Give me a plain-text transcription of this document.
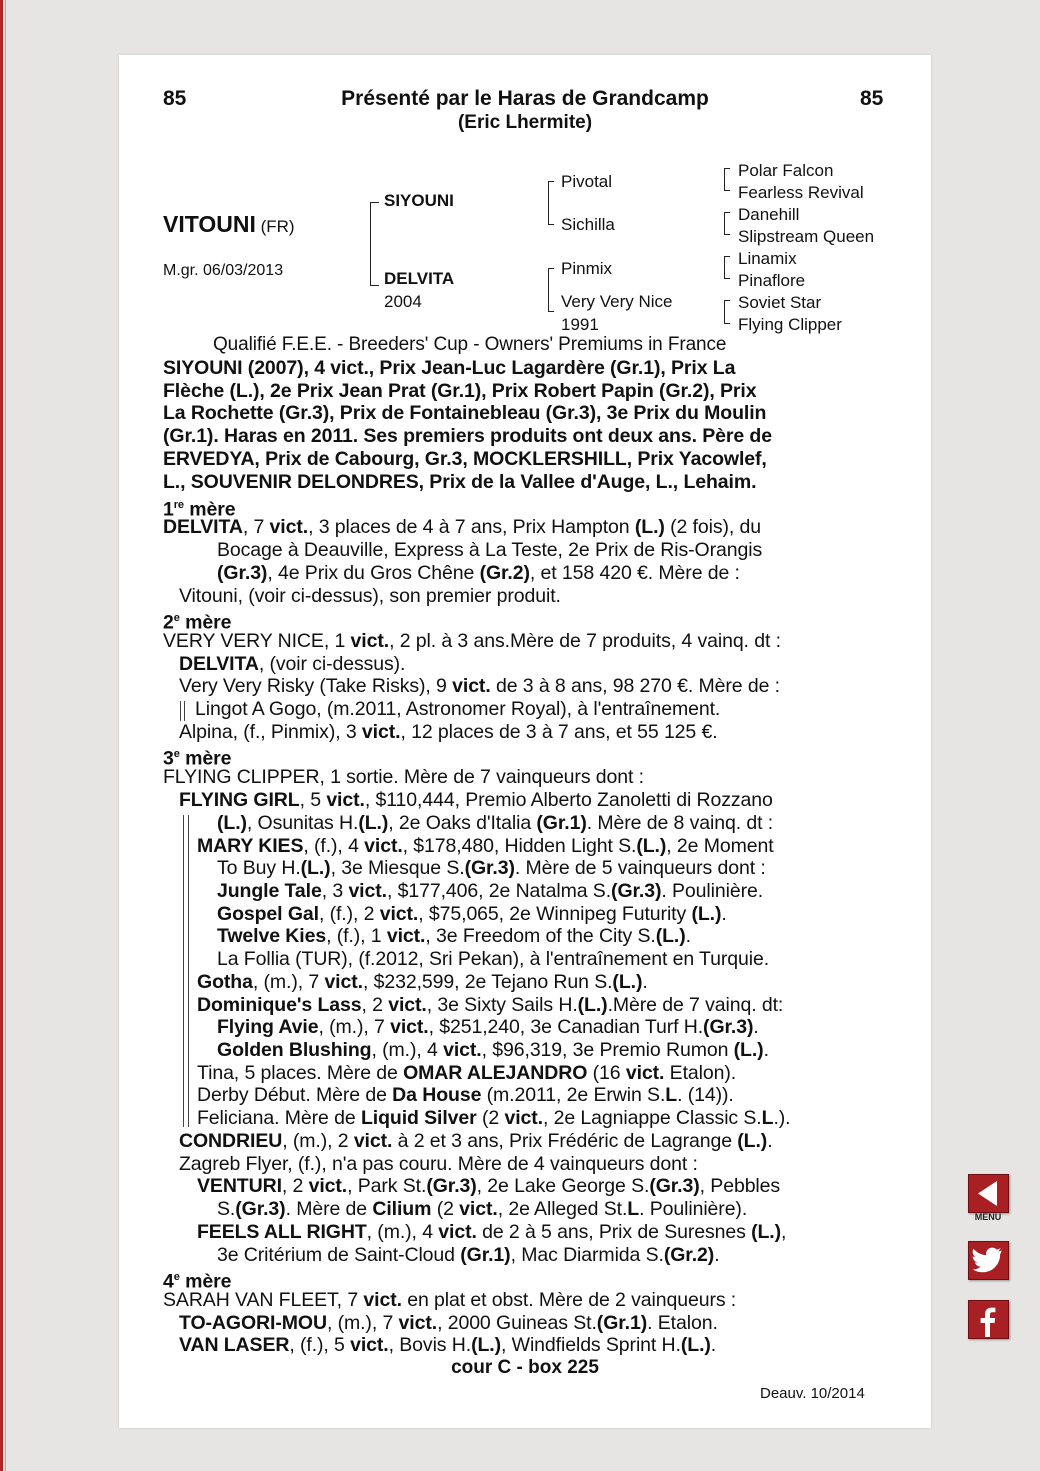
85	Présenté par le Haras de Grandcamp
(Eric Lhermite)
85
VITOUNI (FR)
M.gr. 06/03/2013
SIYOUNI
DELVITA
2004
Pivotal
Sichilla
Pinmix
Very Very Nice
1991
Polar Falcon
Fearless Revival
Danehill
Slipstream Queen
Linamix
Pinaflore
Soviet Star
Flying Clipper
Qualifié F.E.E. - Breeders' Cup - Owners' Premiums in France
SIYOUNI (2007), 4 vict., Prix Jean-Luc Lagardère (Gr.1), Prix La
Flèche (L.), 2e Prix Jean Prat (Gr.1), Prix Robert Papin (Gr.2), Prix
La Rochette (Gr.3), Prix de Fontainebleau (Gr.3), 3e Prix du Moulin
(Gr.1). Haras en 2011. Ses premiers produits ont deux ans. Père de
ERVEDYA, Prix de Cabourg, Gr.3, MOCKLERSHILL, Prix Yacowlef,
L., SOUVENIR DELONDRES, Prix de la Vallee d'Auge, L., Lehaim.
1re mère
DELVITA, 7 vict., 3 places de 4 à 7 ans, Prix Hampton (L.) (2 fois), du
Bocage à Deauville, Express à La Teste, 2e Prix de Ris-Orangis
(Gr.3), 4e Prix du Gros Chêne (Gr.2), et 158 420 €. Mère de :
Vitouni, (voir ci-dessus), son premier produit.
2e mère
VERY VERY NICE, 1 vict., 2 pl. à 3 ans.Mère de 7 produits, 4 vainq. dt :
DELVITA, (voir ci-dessus).
Very Very Risky (Take Risks), 9 vict. de 3 à 8 ans, 98 270 €. Mère de :
Lingot A Gogo, (m.2011, Astronomer Royal), à l'entraînement.
Alpina, (f., Pinmix), 3 vict., 12 places de 3 à 7 ans, et 55 125 €.
3e mère
FLYING CLIPPER, 1 sortie. Mère de 7 vainqueurs dont :
FLYING GIRL, 5 vict., $110,444, Premio Alberto Zanoletti di Rozzano
(L.), Osunitas H.(L.), 2e Oaks d'Italia (Gr.1). Mère de 8 vainq. dt :
MARY KIES, (f.), 4 vict., $178,480, Hidden Light S.(L.), 2e Moment
To Buy H.(L.), 3e Miesque S.(Gr.3). Mère de 5 vainqueurs dont :
Jungle Tale, 3 vict., $177,406, 2e Natalma S.(Gr.3). Poulinière.
Gospel Gal, (f.), 2 vict., $75,065, 2e Winnipeg Futurity (L.).
Twelve Kies, (f.), 1 vict., 3e Freedom of the City S.(L.).
La Follia (TUR), (f.2012, Sri Pekan), à l'entraînement en Turquie.
Gotha, (m.), 7 vict., $232,599, 2e Tejano Run S.(L.).
Dominique's Lass, 2 vict., 3e Sixty Sails H.(L.).Mère de 7 vainq. dt:
Flying Avie, (m.), 7 vict., $251,240, 3e Canadian Turf H.(Gr.3).
Golden Blushing, (m.), 4 vict., $96,319, 3e Premio Rumon (L.).
Tina, 5 places. Mère de OMAR ALEJANDRO (16 vict. Etalon).
Derby Début. Mère de Da House (m.2011, 2e Erwin S.L. (14)).
Feliciana. Mère de Liquid Silver (2 vict., 2e Lagniappe Classic S.L.).
CONDRIEU, (m.), 2 vict. à 2 et 3 ans, Prix Frédéric de Lagrange (L.).
Zagreb Flyer, (f.), n'a pas couru. Mère de 4 vainqueurs dont :
VENTURI, 2 vict., Park St.(Gr.3), 2e Lake George S.(Gr.3), Pebbles
S.(Gr.3). Mère de Cilium (2 vict., 2e Alleged St.L. Poulinière).
FEELS ALL RIGHT, (m.), 4 vict. de 2 à 5 ans, Prix de Suresnes (L.),
3e Critérium de Saint-Cloud (Gr.1), Mac Diarmida S.(Gr.2).
4e mère
SARAH VAN FLEET, 7 vict. en plat et obst. Mère de 2 vainqueurs :
TO-AGORI-MOU, (m.), 7 vict., 2000 Guineas St.(Gr.1). Etalon.
VAN LASER, (f.), 5 vict., Bovis H.(L.), Windfields Sprint H.(L.).
cour C - box 225
Deauv. 10/2014
MENU
